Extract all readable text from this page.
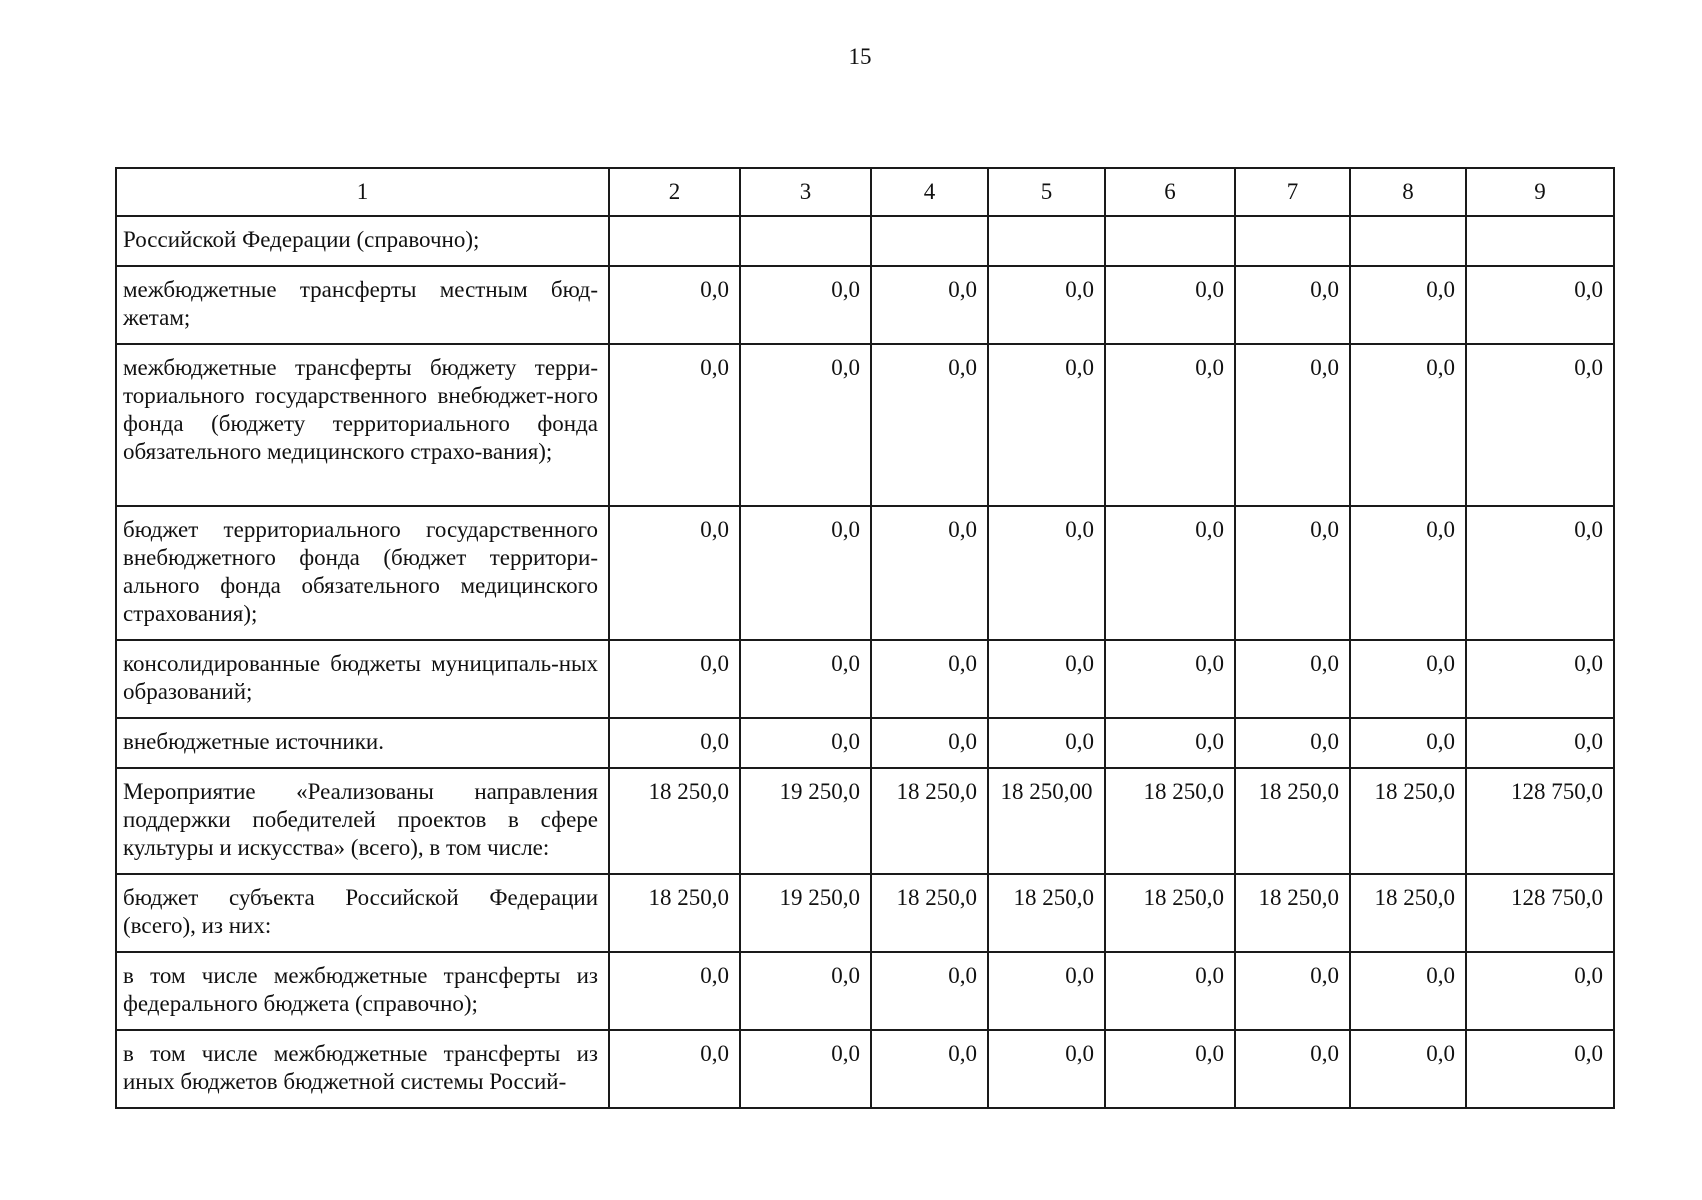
15
1	2	3	4	5	6	7	8	9
Российской Федерации (справочно);								
межбюджетные трансферты местным бюд-жетам;	0,0	0,0	0,0	0,0	0,0	0,0	0,0	0,0
межбюджетные трансферты бюджету терри-ториального государственного внебюджет-ного фонда (бюджету территориального фонда обязательного медицинского страхо-вания);	0,0	0,0	0,0	0,0	0,0	0,0	0,0	0,0
бюджет территориального государственного внебюджетного фонда (бюджет территори-ального фонда обязательного медицинского страхования);	0,0	0,0	0,0	0,0	0,0	0,0	0,0	0,0
консолидированные бюджеты муниципаль-ных образований;	0,0	0,0	0,0	0,0	0,0	0,0	0,0	0,0
внебюджетные источники.	0,0	0,0	0,0	0,0	0,0	0,0	0,0	0,0
Мероприятие «Реализованы направления поддержки победителей проектов в сфере культуры и искусства» (всего), в том числе:	18 250,0	19 250,0	18 250,0	18 250,00	18 250,0	18 250,0	18 250,0	128 750,0
бюджет субъекта Российской Федерации (всего), из них:	18 250,0	19 250,0	18 250,0	18 250,0	18 250,0	18 250,0	18 250,0	128 750,0
в том числе межбюджетные трансферты из федерального бюджета (справочно);	0,0	0,0	0,0	0,0	0,0	0,0	0,0	0,0
в том числе межбюджетные трансферты из иных бюджетов бюджетной системы Россий-	0,0	0,0	0,0	0,0	0,0	0,0	0,0	0,0
